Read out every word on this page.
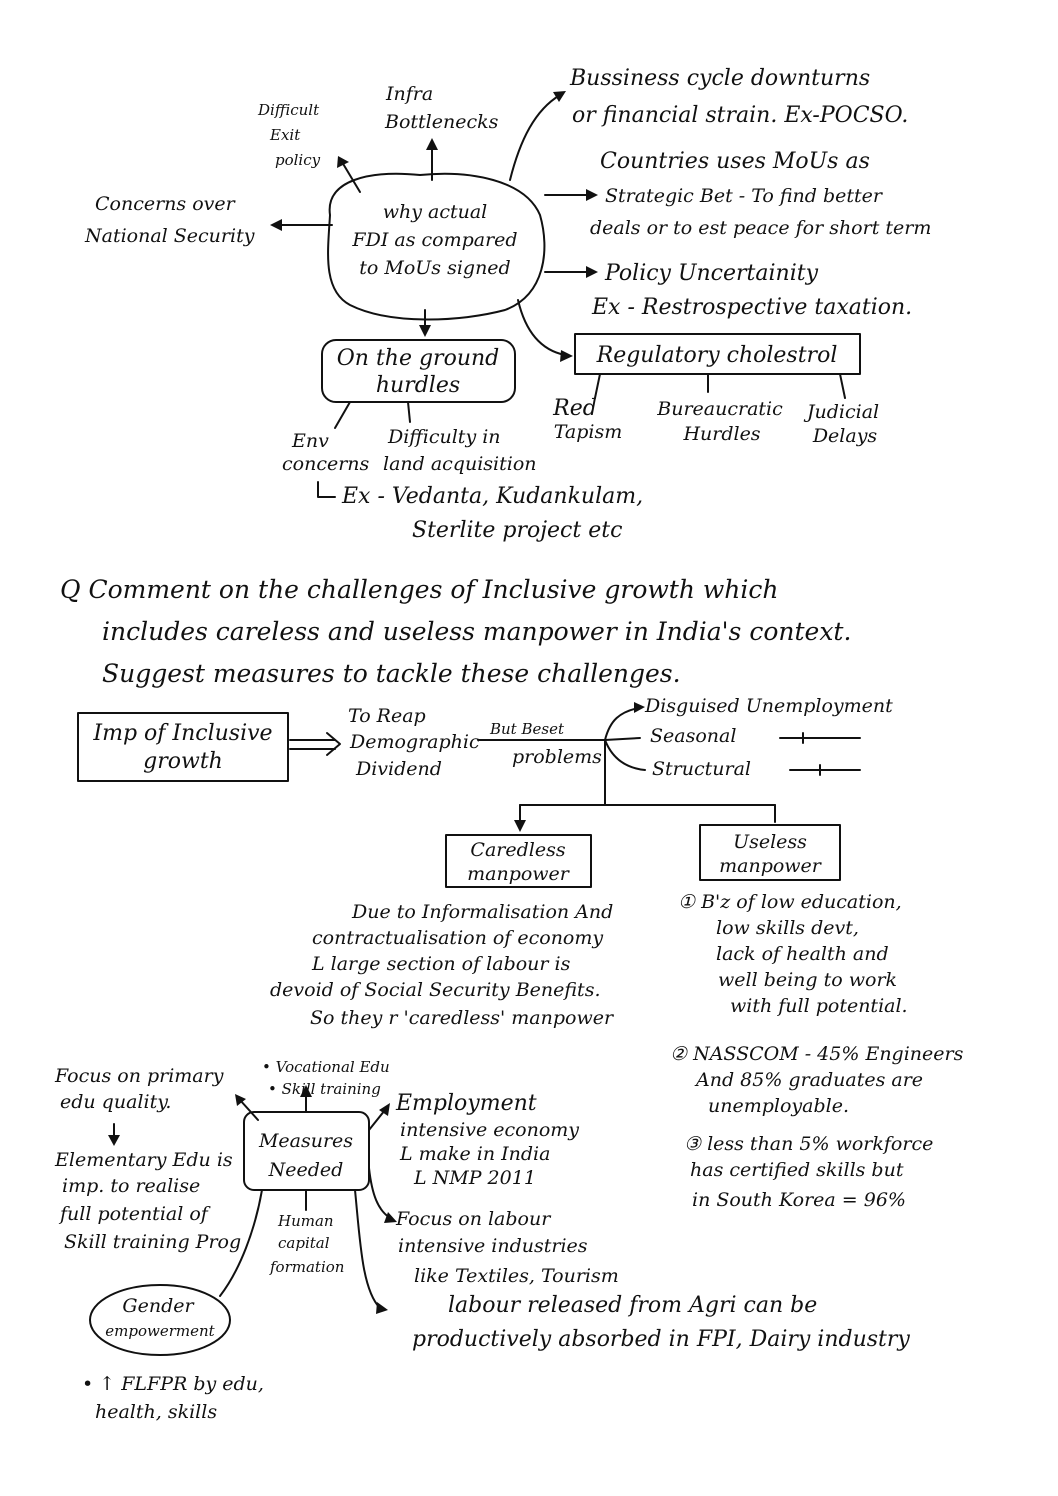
why actual
FDI as compared
to MoUs signed
Difficult
Exit
policy
Infra
Bottlenecks
Concerns over
National Security
Bussiness cycle downturns
or financial strain. Ex-POCSO.
Countries uses MoUs as
Strategic Bet - To find better
deals or to est peace for short term
Policy Uncertainity
Ex - Restrospective taxation.
Regulatory cholestrol
Red
Tapism
Bureaucratic
Hurdles
Judicial
Delays
On the ground
hurdles
Env
concerns
Difficulty in
land acquisition
Ex - Vedanta, Kudankulam,
Sterlite project etc
Q Comment on the challenges of Inclusive growth which
includes careless and useless manpower in India's context.
Suggest measures to tackle these challenges.
Imp of Inclusive
growth
To Reap
Demographic
Dividend
But Beset
problems
Disguised Unemployment
Seasonal
Structural
Caredless
manpower
Useless
manpower
Due to Informalisation And
contractualisation of economy
L large section of labour is
devoid of Social Security Benefits.
So they r 'caredless' manpower
① B'z of low education,
low skills devt,
lack of health and
well being to work
with full potential.
② NASSCOM - 45% Engineers
And 85% graduates are
unemployable.
③ less than 5% workforce
has certified skills but
in South Korea = 96%
Measures
Needed
• Vocational Edu
• Skill training
Focus on primary
edu quality.
Elementary Edu is
imp. to realise
full potential of
Skill training Prog
Employment
intensive economy
L make in India
L NMP 2011
Focus on labour
intensive industries
like Textiles, Tourism
labour released from Agri can be
productively absorbed in FPI, Dairy industry
Human
capital
formation
Gender
empowerment
• ↑ FLFPR by edu,
health, skills
